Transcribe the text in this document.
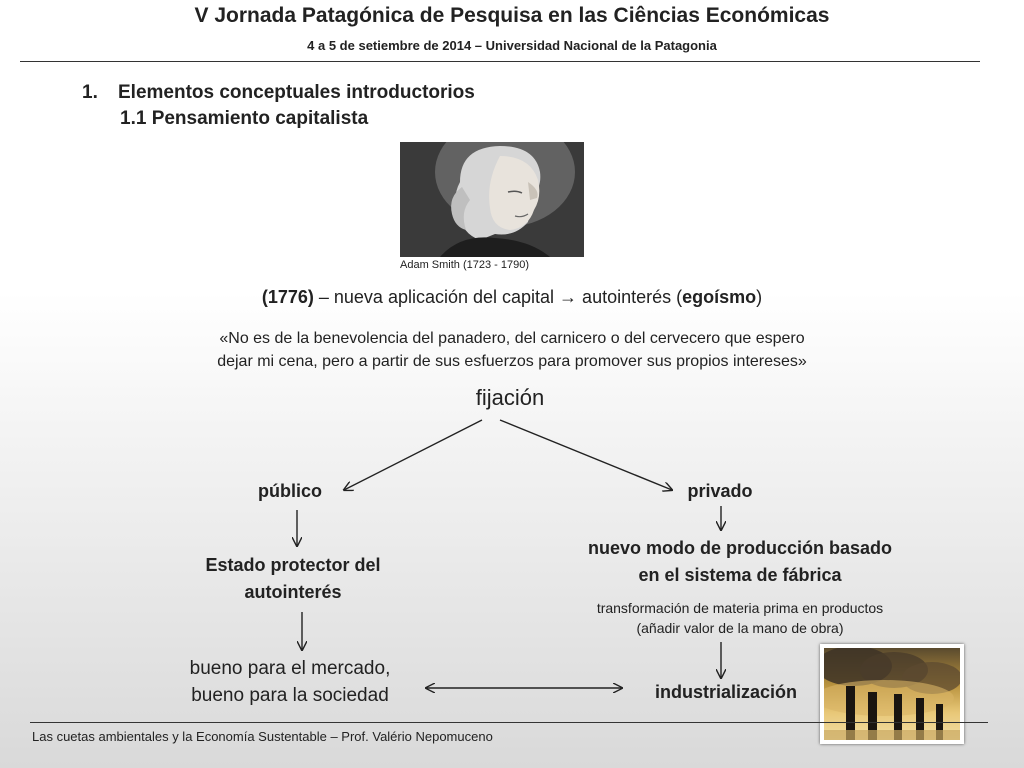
V Jornada Patagónica de Pesquisa en las Ciências Económicas
4 a 5 de setiembre de 2014 – Universidad Nacional de la Patagonia
1. Elementos conceptuales introductorios
1.1 Pensamiento capitalista
Adam Smith (1723 - 1790)
(1776) – nueva aplicación del capital → autointerés (egoísmo)
«No es de la benevolencia del panadero, del carnicero o del cervecero que espero
dejar mi cena, pero a partir de sus esfuerzos para promover sus propios intereses»
fijación
público	privado
Estado protector del
autointerés
nuevo modo de producción basado
en el sistema de fábrica
transformación de materia prima en productos
(añadir valor de la mano de obra)
bueno para el mercado,
bueno para la sociedad	industrialización
Las cuetas ambientales y la Economía Sustentable – Prof. Valério Nepomuceno
